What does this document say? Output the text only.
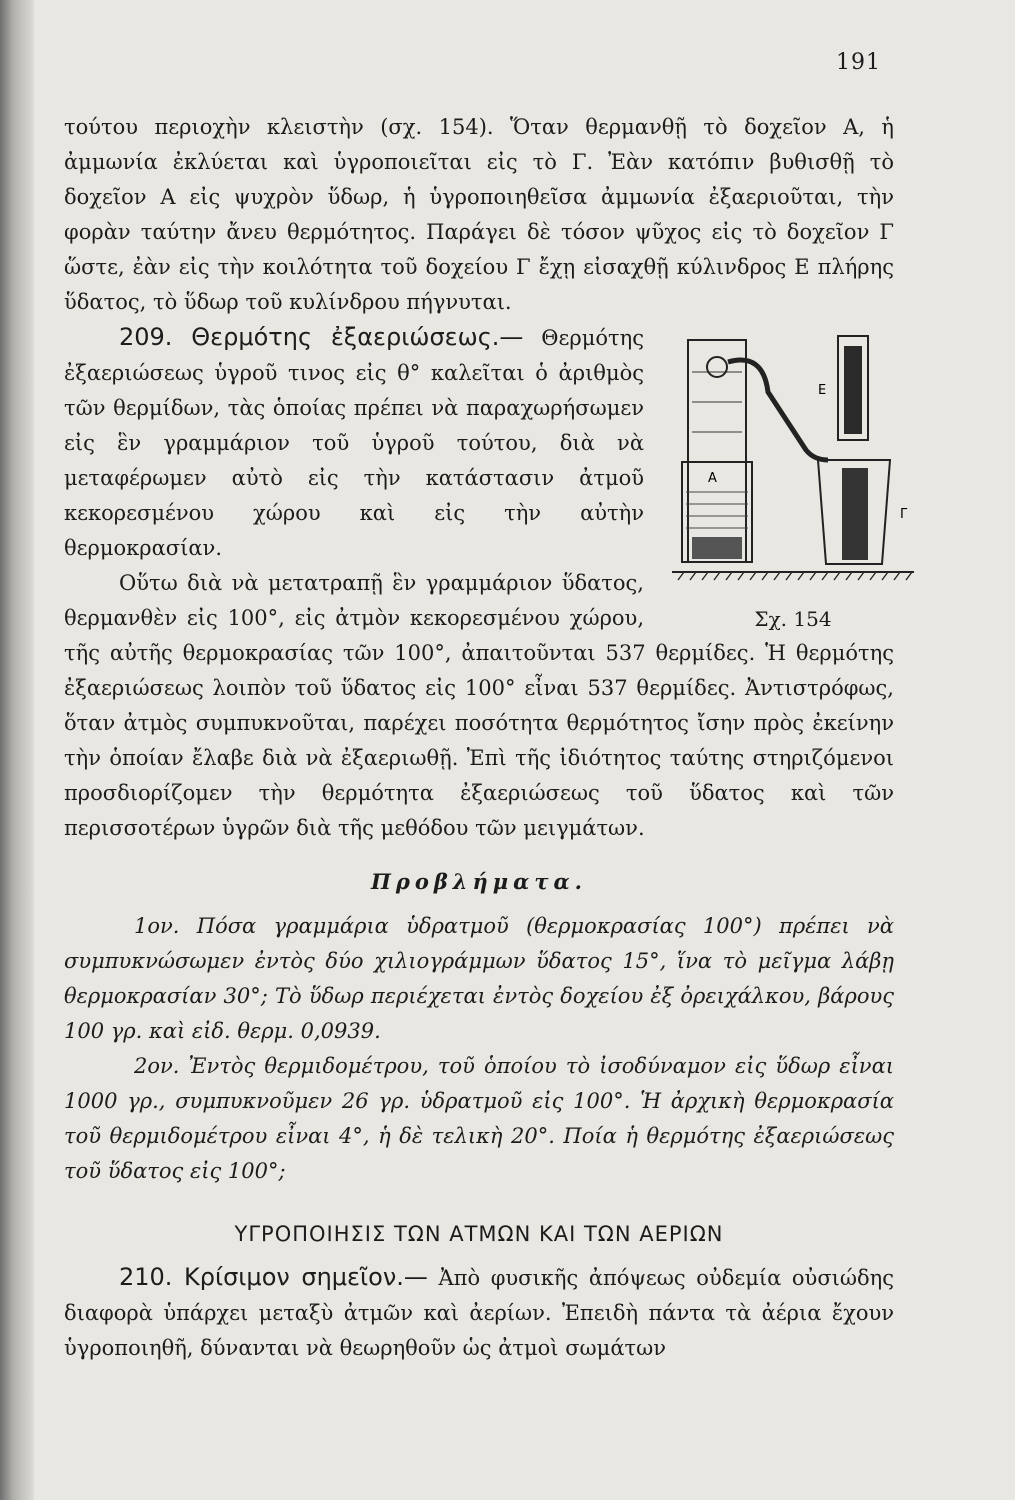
191

τούτου περιοχὴν κλειστὴν (σχ. 154). Ὅταν θερμανθῇ τὸ δοχεῖον Α, ἡ ἀμμωνία ἐκλύεται καὶ ὑγροποιεῖται εἰς τὸ Γ. Ἐὰν κατόπιν βυθισθῇ τὸ δοχεῖον Α εἰς ψυχρὸν ὕδωρ, ἡ ὑγροποιηθεῖσα ἀμμωνία ἐξαεριοῦται, τὴν φορὰν ταύτην ἄνευ θερμότητος. Παράγει δὲ τόσον ψῦχος εἰς τὸ δοχεῖον Γ ὥστε, ἐὰν εἰς τὴν κοιλότητα τοῦ δοχείου Γ ἔχῃ εἰσαχθῇ κύλινδρος Ε πλήρης ὕδατος, τὸ ὕδωρ τοῦ κυλίνδρου πήγνυται.

Α
Ε
Γ
Σχ. 154

209. Θερμότης ἐξαεριώσεως.— Θερμότης ἐξαεριώσεως ὑγροῦ τινος εἰς θ° καλεῖται ὁ ἀριθμὸς τῶν θερμίδων, τὰς ὁποίας πρέπει νὰ παραχωρήσωμεν εἰς ἓν γραμμάριον τοῦ ὑγροῦ τούτου, διὰ νὰ μεταφέρωμεν αὐτὸ εἰς τὴν κατάστασιν ἀτμοῦ κεκορεσμένου χώρου καὶ εἰς τὴν αὐτὴν θερμοκρασίαν.

Οὕτω διὰ νὰ μετατραπῇ ἓν γραμμάριον ὕδατος, θερμανθὲν εἰς 100°, εἰς ἀτμὸν κεκορεσμένου χώρου, τῆς αὐτῆς θερμοκρασίας τῶν 100°, ἀπαιτοῦνται 537 θερμίδες. Ἡ θερμότης ἐξαεριώσεως λοιπὸν τοῦ ὕδατος εἰς 100° εἶναι 537 θερμίδες. Ἀντιστρόφως, ὅταν ἀτμὸς συμπυκνοῦται, παρέχει ποσότητα θερμότητος ἴσην πρὸς ἐκείνην τὴν ὁποίαν ἔλαβε διὰ νὰ ἐξαεριωθῇ. Ἐπὶ τῆς ἰδιότητος ταύτης στηριζόμενοι προσδιορίζομεν τὴν θερμότητα ἐξαεριώσεως τοῦ ὕδατος καὶ τῶν περισσοτέρων ὑγρῶν διὰ τῆς μεθόδου τῶν μειγμάτων.

Προβλήματα.

1ον. Πόσα γραμμάρια ὑδρατμοῦ (θερμοκρασίας 100°) πρέπει νὰ συμπυκνώσωμεν ἐντὸς δύο χιλιογράμμων ὕδατος 15°, ἵνα τὸ μεῖγμα λάβῃ θερμοκρασίαν 30°; Τὸ ὕδωρ περιέχεται ἐντὸς δοχείου ἐξ ὀρειχάλκου, βάρους 100 γρ. καὶ εἰδ. θερμ. 0,0939.

2ον. Ἐντὸς θερμιδομέτρου, τοῦ ὁποίου τὸ ἰσοδύναμον εἰς ὕδωρ εἶναι 1000 γρ., συμπυκνοῦμεν 26 γρ. ὑδρατμοῦ εἰς 100°. Ἡ ἀρχικὴ θερμοκρασία τοῦ θερμιδομέτρου εἶναι 4°, ἡ δὲ τελικὴ 20°. Ποία ἡ θερμότης ἐξαεριώσεως τοῦ ὕδατος εἰς 100°;

ΥΓΡΟΠΟΙΗΣΙΣ ΤΩΝ ΑΤΜΩΝ ΚΑΙ ΤΩΝ ΑΕΡΙΩΝ

210. Κρίσιμον σημεῖον.— Ἀπὸ φυσικῆς ἀπόψεως οὐδεμία οὐσιώδης διαφορὰ ὑπάρχει μεταξὺ ἀτμῶν καὶ ἀερίων. Ἐπειδὴ πάντα τὰ ἀέρια ἔχουν ὑγροποιηθῆ, δύνανται νὰ θεωρηθοῦν ὡς ἀτμοὶ σωμάτων
